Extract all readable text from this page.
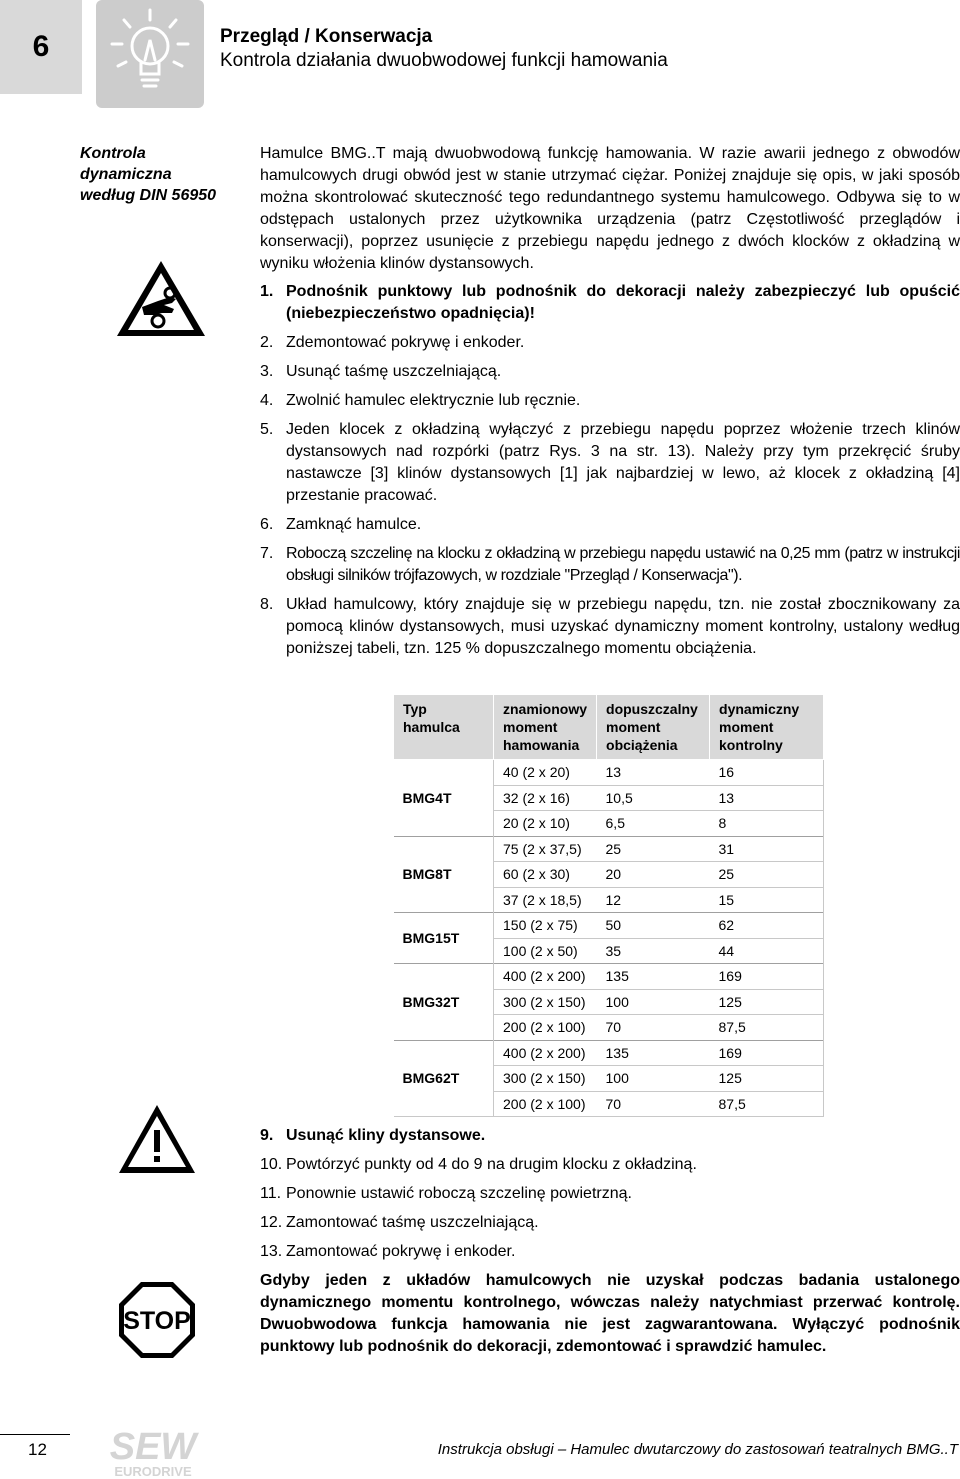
6	Przegląd / Konserwacja
Kontrola działania dwuobwodowej funkcji hamowania
Kontrola
dynamiczna
według DIN 56950
STOP
Hamulce BMG..T mają dwuobwodową funkcję hamowania. W razie awarii jednego z obwodów hamulcowych drugi obwód jest w stanie utrzymać ciężar. Poniżej znajduje się opis, w jaki sposób można skontrolować skuteczność tego redundantnego systemu hamulcowego. Odbywa się to w odstępach ustalonych przez użytkownika urządzenia (patrz Częstotliwość przeglądów i konserwacji), poprzez usunięcie z przebiegu napędu jednego z dwóch klocków z okładziną w wyniku włożenia klinów dystansowych.
1. Podnośnik punktowy lub podnośnik do dekoracji należy zabezpieczyć lub opuścić (niebezpieczeństwo opadnięcia)!
2. Zdemontować pokrywę i enkoder.
3. Usunąć taśmę uszczelniającą.
4. Zwolnić hamulec elektrycznie lub ręcznie.
5. Jeden klocek z okładziną wyłączyć z przebiegu napędu poprzez włożenie trzech klinów dystansowych nad rozpórki (patrz Rys. 3 na str. 13). Należy przy tym przekręcić śruby nastawcze [3] klinów dystansowych [1] jak najbardziej w lewo, aż klocek z okładziną [4] przestanie pracować.
6. Zamknąć hamulce.
7. Roboczą szczelinę na klocku z okładziną w przebiegu napędu ustawić na 0,25 mm (patrz w instrukcji obsługi silników trójfazowych, w rozdziale "Przegląd / Konserwacja").
8. Układ hamulcowy, który znajduje się w przebiegu napędu, tzn. nie został zbocznikowany za pomocą klinów dystansowych, musi uzyskać dynamiczny moment kontrolny, ustalony według poniższej tabeli, tzn. 125 % dopuszczalnego momentu obciążenia.
Typ hamulca	znamionowy moment hamowania	dopuszczalny moment obciążenia	dynamiczny moment kontrolny
BMG4T	40 (2 x 20)	13	16
	32 (2 x 16)	10,5	13
	20 (2 x 10)	6,5	8
BMG8T	75 (2 x 37,5)	25	31
	60 (2 x 30)	20	25
	37 (2 x 18,5)	12	15
BMG15T	150 (2 x 75)	50	62
	100 (2 x 50)	35	44
BMG32T	400 (2 x 200)	135	169
	300 (2 x 150)	100	125
	200 (2 x 100)	70	87,5
BMG62T	400 (2 x 200)	135	169
	300 (2 x 150)	100	125
	200 (2 x 100)	70	87,5
9. Usunąć kliny dystansowe.
10. Powtórzyć punkty od 4 do 9 na drugim klocku z okładziną.
11. Ponownie ustawić roboczą szczelinę powietrzną.
12. Zamontować taśmę uszczelniającą.
13. Zamontować pokrywę i enkoder.
Gdyby jeden z układów hamulcowych nie uzyskał podczas badania ustalonego dynamicznego momentu kontrolnego, wówczas należy natychmiast przerwać kontrolę. Dwuobwodowa funkcja hamowania nie jest zagwarantowana. Wyłączyć podnośnik punktowy lub podnośnik do dekoracji, zdemontować i sprawdzić hamulec.
12 SEW
EURODRIVE
Instrukcja obsługi – Hamulec dwutarczowy do zastosowań teatralnych BMG..T
